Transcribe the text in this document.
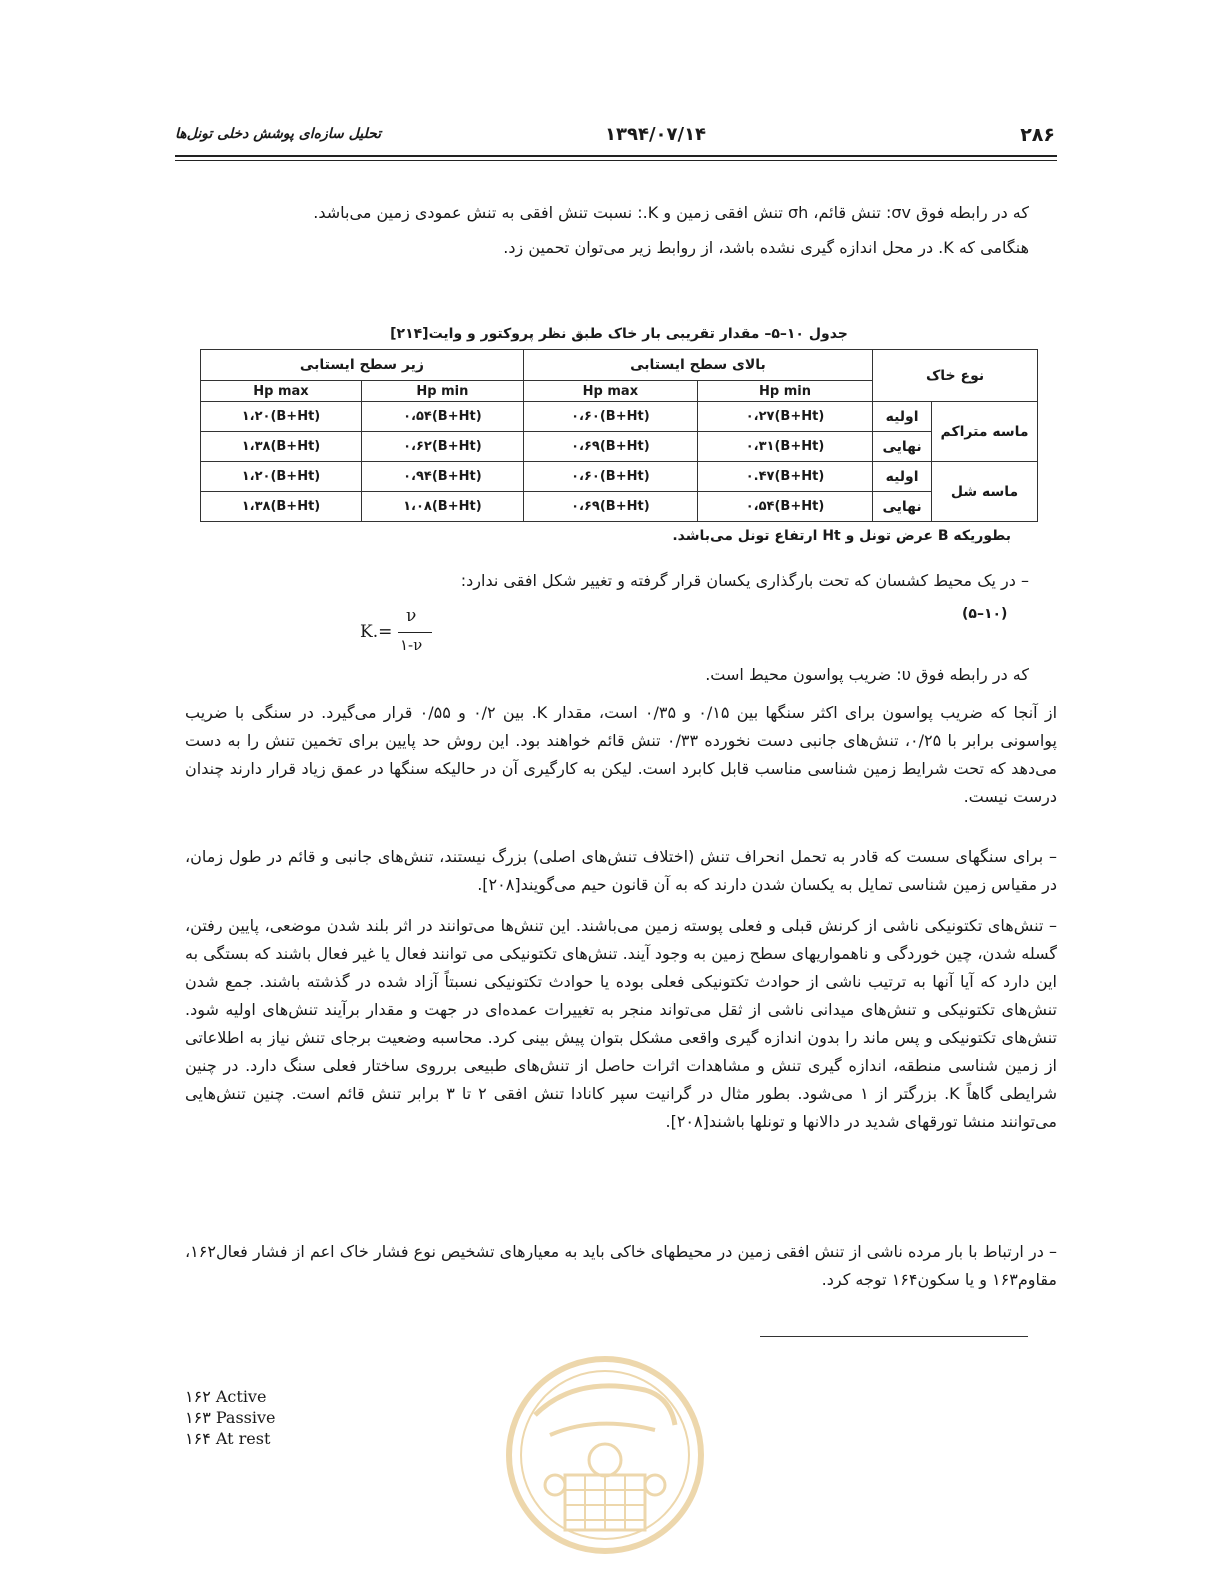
۲۸۶
۱۳۹۴/۰۷/۱۴
تحلیل سازه‌ای پوشش دخلی تونل‌ها
که در رابطه فوق σv: تنش قائم، σh تنش افقی زمین و K.: نسبت تنش افقی به تنش عمودی زمین می‌باشد.
هنگامی که K. در محل اندازه گیری نشده باشد، از روابط زیر می‌توان تحمین زد.
جدول ۱۰–۵– مقدار تقریبی بار خاک طبق نظر پروکتور و وایت[۲۱۴]
نوع خاک		بالای سطح ایستابی		زیر سطح ایستابی	
		Hp min	Hp max	Hp min	Hp max
ماسه متراکم	اولیه	۰،۲۷(B+Ht)	۰،۶۰(B+Ht)	۰،۵۴(B+Ht)	۱،۲۰(B+Ht)
	نهایی	۰،۳۱(B+Ht)	۰،۶۹(B+Ht)	۰،۶۲(B+Ht)	۱،۳۸(B+Ht)
ماسه شل	اولیه	۰.۴۷(B+Ht)	۰،۶۰(B+Ht)	۰،۹۴(B+Ht)	۱،۲۰(B+Ht)
	نهایی	۰،۵۴(B+Ht)	۰،۶۹(B+Ht)	۱،۰۸(B+Ht)	۱،۳۸(B+Ht)
بطوریکه B عرض تونل و Ht ارتفاع تونل می‌باشد.
– در یک محیط کشسان که تحت بارگذاری یکسان قرار گرفته و تغییر شکل افقی ندارد:
(۵–۱۰)
K.=
ν
۱-ν
که در رابطه فوق υ: ضریب پواسون محیط است.
از آنجا که ضریب پواسون برای اکثر سنگها بین ۰/۱۵ و ۰/۳۵ است، مقدار K. بین ۰/۲ و ۰/۵۵ قرار می‌گیرد. در سنگی با ضریب پواسونی برابر با ۰/۲۵، تنش‌های جانبی دست نخورده ۰/۳۳ تنش قائم خواهند بود. این روش حد پایین برای تخمین تنش را به دست می‌دهد که تحت شرایط زمین شناسی مناسب قابل کابرد است. لیکن به کارگیری آن در حالیکه سنگها در عمق زیاد قرار دارند چندان درست نیست.
– برای سنگهای سست که قادر به تحمل انحراف تنش (اختلاف تنش‌های اصلی) بزرگ نیستند، تنش‌های جانبی و قائم در طول زمان، در مقیاس زمین شناسی تمایل به یکسان شدن دارند که به آن قانون حیم می‌گویند[۲۰۸].
– تنش‌های تکتونیکی ناشی از کرنش قبلی و فعلی پوسته زمین می‌باشند. این تنش‌ها می‌توانند در اثر بلند شدن موضعی، پایین رفتن، گسله شدن، چین خوردگی و ناهمواریهای سطح زمین به وجود آیند. تنش‌های تکتونیکی می توانند فعال یا غیر فعال باشند که بستگی به این دارد که آیا آنها به ترتیب ناشی از حوادث تکتونیکی فعلی بوده یا حوادث تکتونیکی نسبتاً آزاد شده در گذشته باشند. جمع شدن تنش‌های تکتونیکی و تنش‌های میدانی ناشی از ثقل می‌تواند منجر به تغییرات عمده‌ای در جهت و مقدار برآیند تنش‌های اولیه شود. تنش‌های تکتونیکی و پس ماند را بدون اندازه گیری واقعی مشکل بتوان پیش بینی کرد. محاسبه وضعیت برجای تنش نیاز به اطلاعاتی از زمین شناسی منطقه، اندازه گیری تنش و مشاهدات اثرات حاصل از تنش‌های طبیعی برروی ساختار فعلی سنگ دارد. در چنین شرایطی گاهاً K. بزرگتر از ۱ می‌شود. بطور مثال در گرانیت سپر کانادا تنش افقی ۲ تا ۳ برابر تنش قائم است. چنین تنش‌هایی می‌توانند منشا تورقهای شدید در دالانها و تونلها باشند[۲۰۸].
– در ارتباط با بار مرده ناشی از تنش افقی زمین در محیطهای خاکی باید به معیارهای تشخیص نوع فشار خاک اعم از فشار فعال۱۶۲، مقاوم۱۶۳ و یا سکون۱۶۴ توجه کرد.
۱۶۲ Active
۱۶۳ Passive
۱۶۴ At rest
